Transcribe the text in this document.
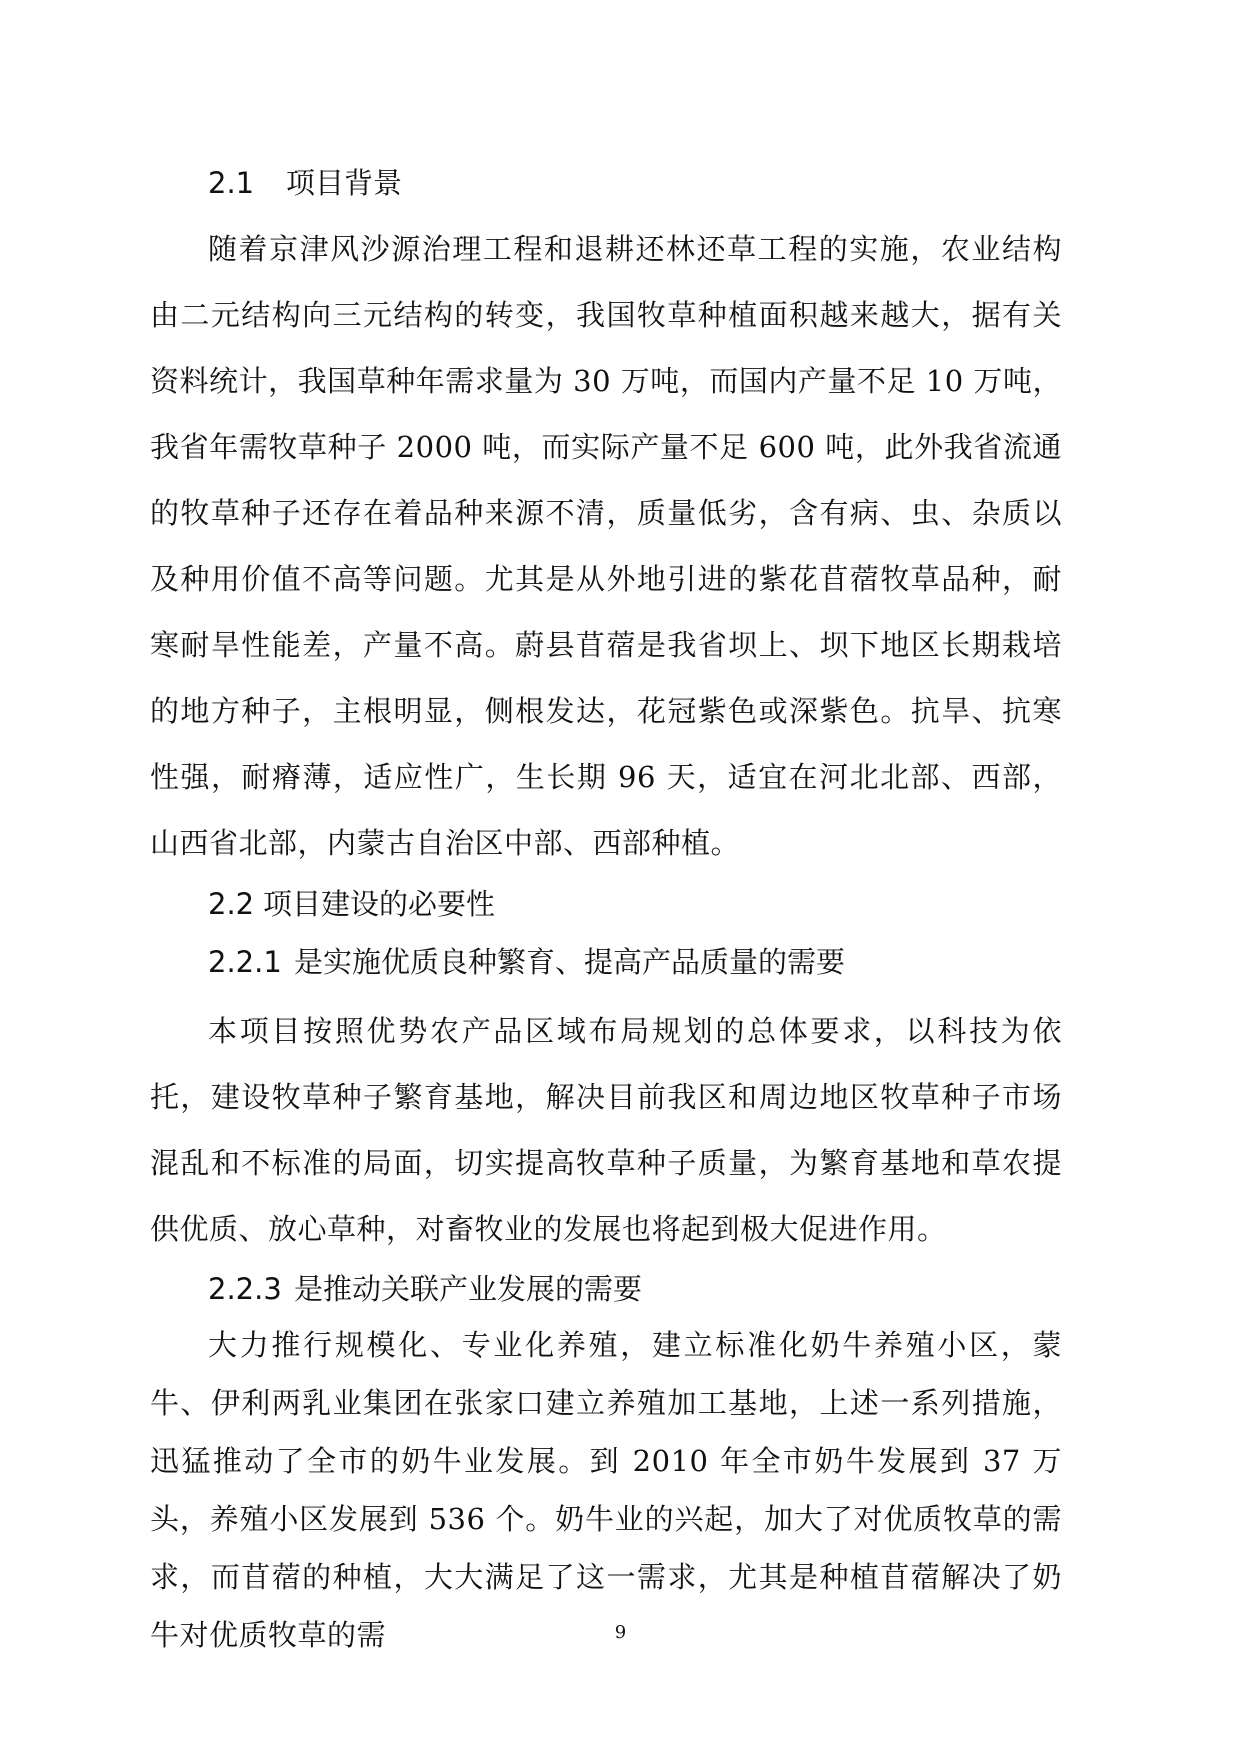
2.1 项目背景

随着京津风沙源治理工程和退耕还林还草工程的实施，农业结构由二元结构向三元结构的转变，我国牧草种植面积越来越大，据有关资料统计，我国草种年需求量为 30 万吨，而国内产量不足 10 万吨，我省年需牧草种子 2000 吨，而实际产量不足 600 吨，此外我省流通的牧草种子还存在着品种来源不清，质量低劣，含有病、虫、杂质以及种用价值不高等问题。尤其是从外地引进的紫花苜蓿牧草品种，耐寒耐旱性能差，产量不高。蔚县苜蓿是我省坝上、坝下地区长期栽培的地方种子，主根明显，侧根发达，花冠紫色或深紫色。抗旱、抗寒性强，耐瘠薄，适应性广，生长期 96 天，适宜在河北北部、西部，山西省北部，内蒙古自治区中部、西部种植。

2.2 项目建设的必要性
2.2.1 是实施优质良种繁育、提高产品质量的需要

本项目按照优势农产品区域布局规划的总体要求，以科技为依托，建设牧草种子繁育基地，解决目前我区和周边地区牧草种子市场混乱和不标准的局面，切实提高牧草种子质量，为繁育基地和草农提供优质、放心草种，对畜牧业的发展也将起到极大促进作用。

2.2.3 是推动关联产业发展的需要

大力推行规模化、专业化养殖，建立标准化奶牛养殖小区，蒙牛、伊利两乳业集团在张家口建立养殖加工基地，上述一系列措施，迅猛推动了全市的奶牛业发展。到 2010 年全市奶牛发展到 37 万头，养殖小区发展到 536 个。奶牛业的兴起，加大了对优质牧草的需求，而苜蓿的种植，大大满足了这一需求，尤其是种植苜蓿解决了奶牛对优质牧草的需	9
